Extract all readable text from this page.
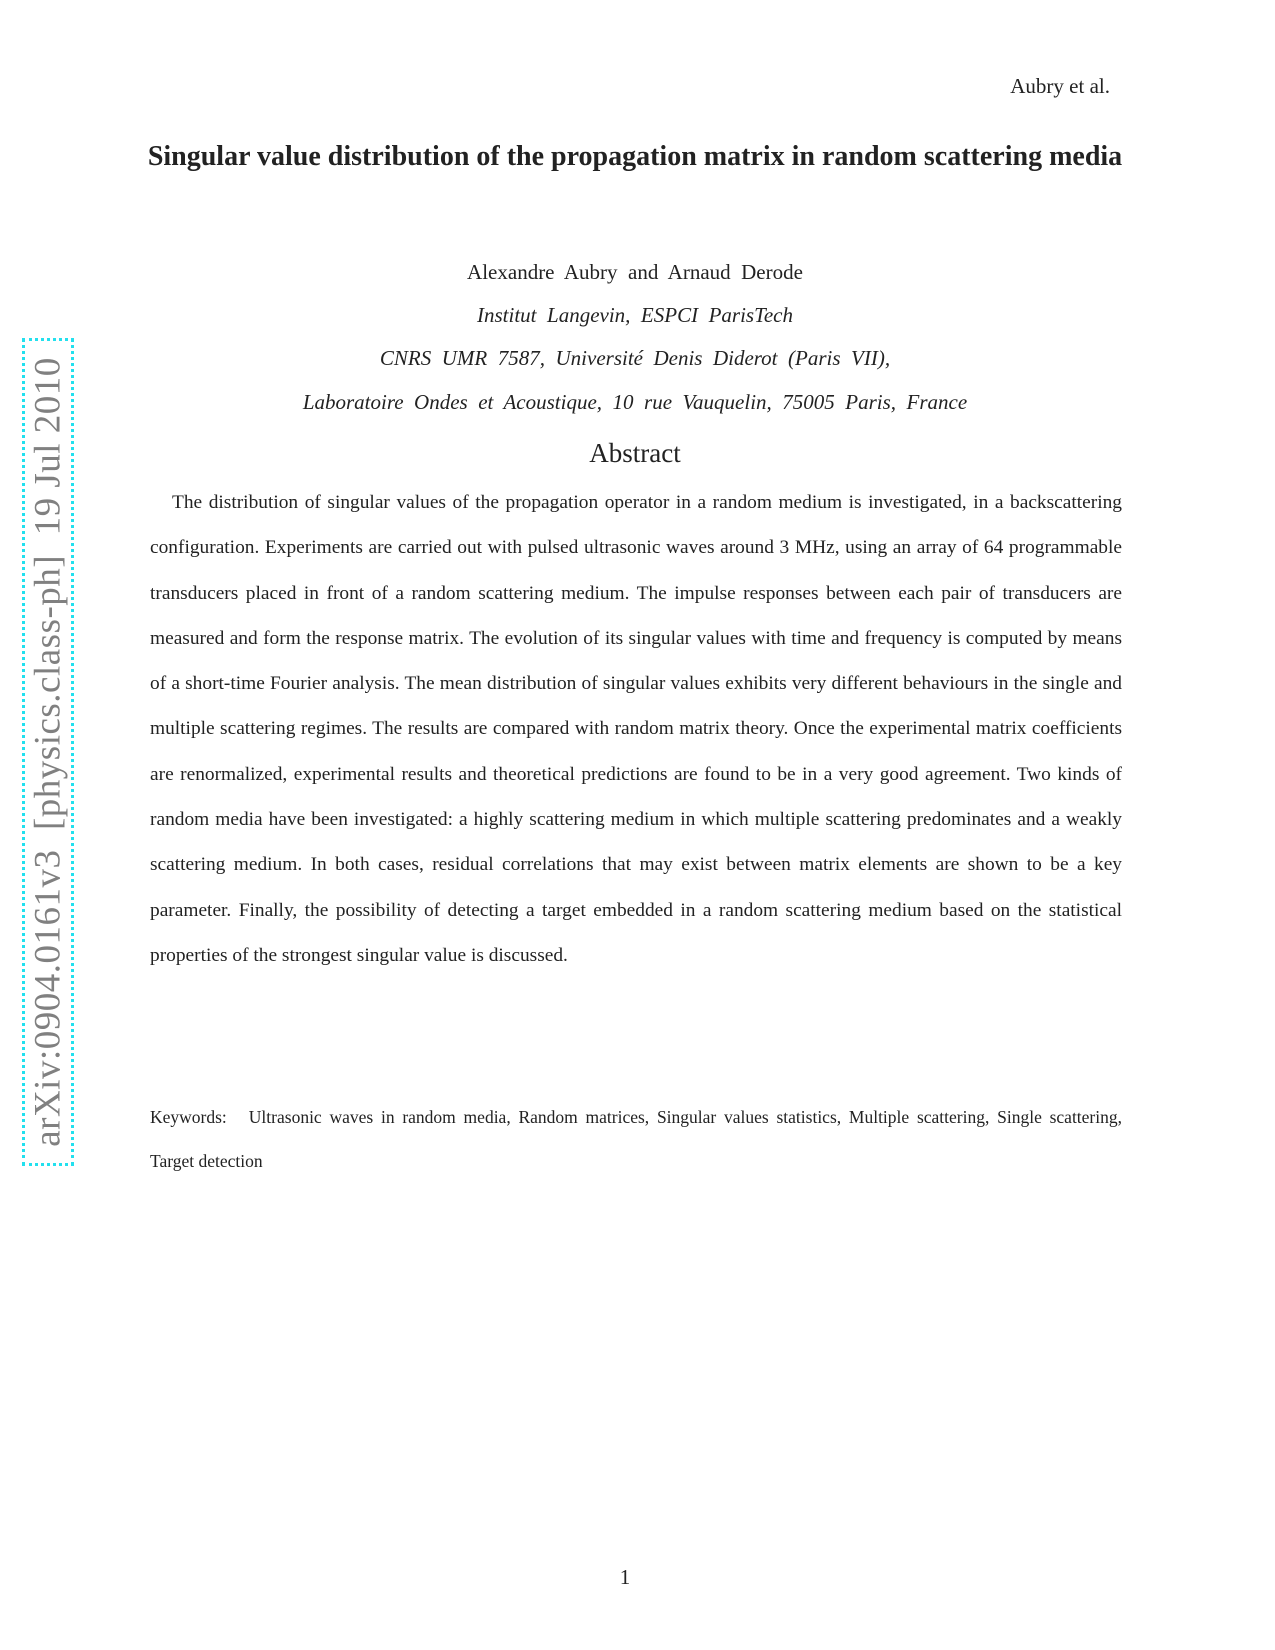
Aubry et al.
Singular value distribution of the propagation matrix in random scattering media
Alexandre  Aubry  and  Arnaud  Derode
Institut  Langevin,  ESPCI  ParisTech
CNRS  UMR  7587,  Université  Denis  Diderot  (Paris  VII),
Laboratoire  Ondes  et  Acoustique,  10  rue  Vauquelin,  75005  Paris,  France
Abstract

The distribution of singular values of the propagation operator in a random medium is investigated, in a backscattering configuration. Experiments are carried out with pulsed ultrasonic waves around 3 MHz, using an array of 64 programmable transducers placed in front of a random scattering medium. The impulse responses between each pair of transducers are measured and form the response matrix. The evolution of its singular values with time and frequency is computed by means of a short-time Fourier analysis. The mean distribution of singular values exhibits very different behaviours in the single and multiple scattering regimes. The results are compared with random matrix theory. Once the experimental matrix coefficients are renormalized, experimental results and theoretical predictions are found to be in a very good agreement. Two kinds of random media have been investigated: a highly scattering medium in which multiple scattering predominates and a weakly scattering medium. In both cases, residual correlations that may exist between matrix elements are shown to be a key parameter. Finally, the possibility of detecting a target embedded in a random scattering medium based on the statistical properties of the strongest singular value is discussed.

Keywords: Ultrasonic waves in random media, Random matrices, Singular values statistics, Multiple scattering, Single scattering, Target detection
1
arXiv:0904.0161v3  [physics.class-ph]  19 Jul 2010
